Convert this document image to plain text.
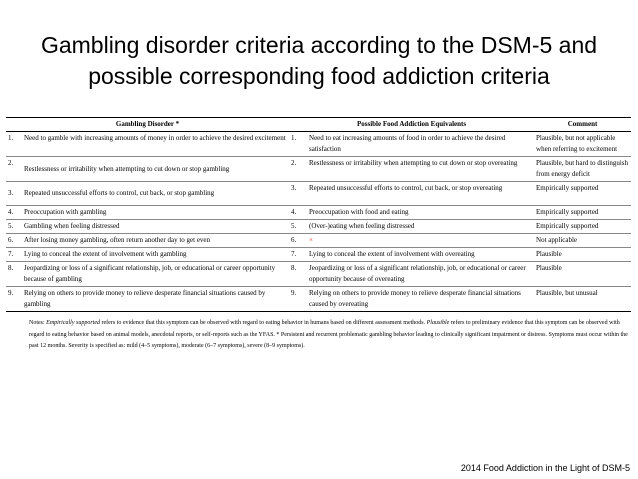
Gambling disorder criteria according to the DSM-5 and
possible corresponding food addiction criteria
Gambling Disorder *		Possible Food Addiction Equivalents		Comment
1.	Need to gamble with increasing amounts of money in order to achieve the desired excitement	1.	Need to eat increasing amounts of food in order to achieve the desired satisfaction	Plausible, but not applicable when referring to excitement
2.	Restlessness or irritability when attempting to cut down or stop gambling	2.	Restlessness or irritability when attempting to cut down or stop overeating	Plausible, but hard to distinguish from energy deficit
3.	Repeated unsuccessful efforts to control, cut back, or stop gambling	3.	Repeated unsuccessful efforts to control, cut back, or stop overeating	Empirically supported
4.	Preoccupation with gambling	4.	Preoccupation with food and eating	Empirically supported
5.	Gambling when feeling distressed	5.	(Over-)eating when feeling distressed	Empirically supported
6.	After losing money gambling, often return another day to get even	6.	×	Not applicable
7.	Lying to conceal the extent of involvement with gambling	7.	Lying to conceal the extent of involvement with overeating	Plausible
8.	Jeopardizing or loss of a significant relationship, job, or educational or career opportunity because of gambling	8.	Jeopardizing or loss of a significant relationship, job, or educational or career opportunity because of overeating	Plausible
9.	Relying on others to provide money to relieve desperate financial situations caused by gambling	9.	Relying on others to provide money to relieve desperate financial situations caused by overeating	Plausible, but unusual
Notes: Empirically supported refers to evidence that this symptom can be observed with regard to eating behavior in humans based on different assessment methods. Plausible refers to preliminary evidence that this symptom can be observed with regard to eating behavior based on animal models, anecdotal reports, or self-reports such as the YFAS. * Persistent and recurrent problematic gambling behavior leading to clinically significant impairment or distress. Symptoms must occur within the past 12 months. Severity is specified as: mild (4–5 symptoms), moderate (6–7 symptoms), severe (8–9 symptoms).
2014 Food Addiction in the Light of DSM-5
